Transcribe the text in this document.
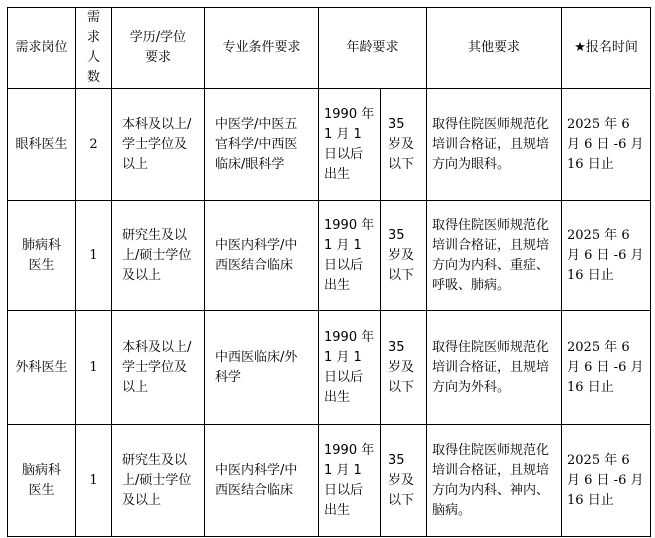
需求岗位	需求人数	学历/学位要求	专业条件要求	年龄要求		其他要求	★报名时间
眼科医生	2	本科及以上/学士学位及以上	中医学/中医五官科学/中西医临床/眼科学	1990 年 1 月 1 日以后出生	35 岁及以下	取得住院医师规范化培训合格证，且规培方向为眼科。	2025 年 6 月 6 日 -6 月 16 日止
肺病科医生	1	研究生及以上/硕士学位及以上	中医内科学/中西医结合临床	1990 年 1 月 1 日以后出生	35 岁及以下	取得住院医师规范化培训合格证，且规培方向为内科、重症、呼吸、肺病。	2025 年 6 月 6 日 -6 月 16 日止
外科医生	1	本科及以上/学士学位及以上	中西医临床/外科学	1990 年 1 月 1 日以后出生	35 岁及以下	取得住院医师规范化培训合格证，且规培方向为外科。	2025 年 6 月 6 日 -6 月 16 日止
脑病科医生	1	研究生及以上/硕士学位及以上	中医内科学/中西医结合临床	1990 年 1 月 1 日以后出生	35 岁及以下	取得住院医师规范化培训合格证，且规培方向为内科、神内、脑病。	2025 年 6 月 6 日 -6 月 16 日止
